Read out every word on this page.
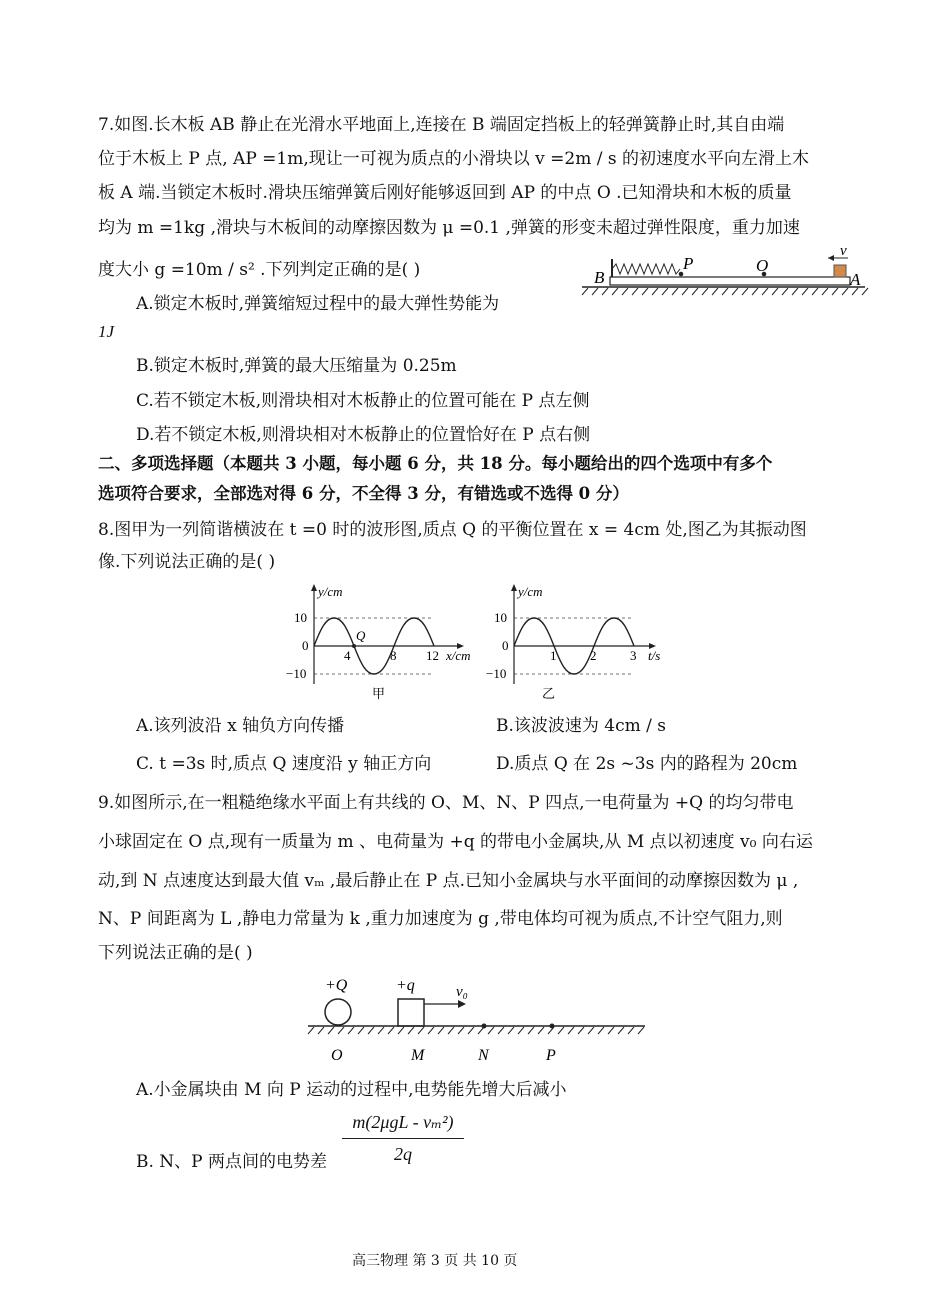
7.如图.长木板 AB 静止在光滑水平地面上,连接在 B 端固定挡板上的轻弹簧静止时,其自由端
位于木板上 P 点, AP =1m,现让一可视为质点的小滑块以 v =2m / s 的初速度水平向左滑上木
板 A 端.当锁定木板时.滑块压缩弹簧后刚好能够返回到 AP 的中点 O .已知滑块和木板的质量
均为 m =1kg ,滑块与木板间的动摩擦因数为 μ =0.1 ,弹簧的形变未超过弹性限度，重力加速
度大小 g =10m / s² .下列判定正确的是( )
A.锁定木板时,弹簧缩短过程中的最大弹性势能为
1J
B.锁定木板时,弹簧的最大压缩量为 0.25m
C.若不锁定木板,则滑块相对木板静止的位置可能在 P 点左侧
D.若不锁定木板,则滑块相对木板静止的位置恰好在 P 点右侧
B
P	O
A
v
二、多项选择题（本题共 3 小题，每小题 6 分，共 18 分。每小题给出的四个选项中有多个
选项符合要求，全部选对得 6 分，不全得 3 分，有错选或不选得 0 分）
8.图甲为一列简谐横波在 t =0 时的波形图,质点 Q 的平衡位置在 x = 4cm 处,图乙为其振动图
像.下列说法正确的是( )
y/cm
10
0
−10
4	8 12 x/cm
Q
甲
y/cm
10
0
−10
1	2	3 t/s
乙
A.该列波沿 x 轴负方向传播	B.该波波速为 4cm / s
C. t =3s 时,质点 Q 速度沿 y 轴正方向	D.质点 Q 在 2s ~3s 内的路程为 20cm
9.如图所示,在一粗糙绝缘水平面上有共线的 O、M、N、P 四点,一电荷量为 +Q 的均匀带电
小球固定在 O 点,现有一质量为 m 、电荷量为 +q 的带电小金属块,从 M 点以初速度 v₀ 向右运
动,到 N 点速度达到最大值 vₘ ,最后静止在 P 点.已知小金属块与水平面间的动摩擦因数为 μ ,
N、P 间距离为 L ,静电力常量为 k ,重力加速度为 g ,带电体均可视为质点,不计空气阻力,则
下列说法正确的是( )
+Q	+q	v₀
O	M	N	P
A.小金属块由 M 向 P 运动的过程中,电势能先增大后减小
B. N、P 两点间的电势差
m(2μgL - vₘ²)
2q
高三物理 第 3 页 共 10 页
